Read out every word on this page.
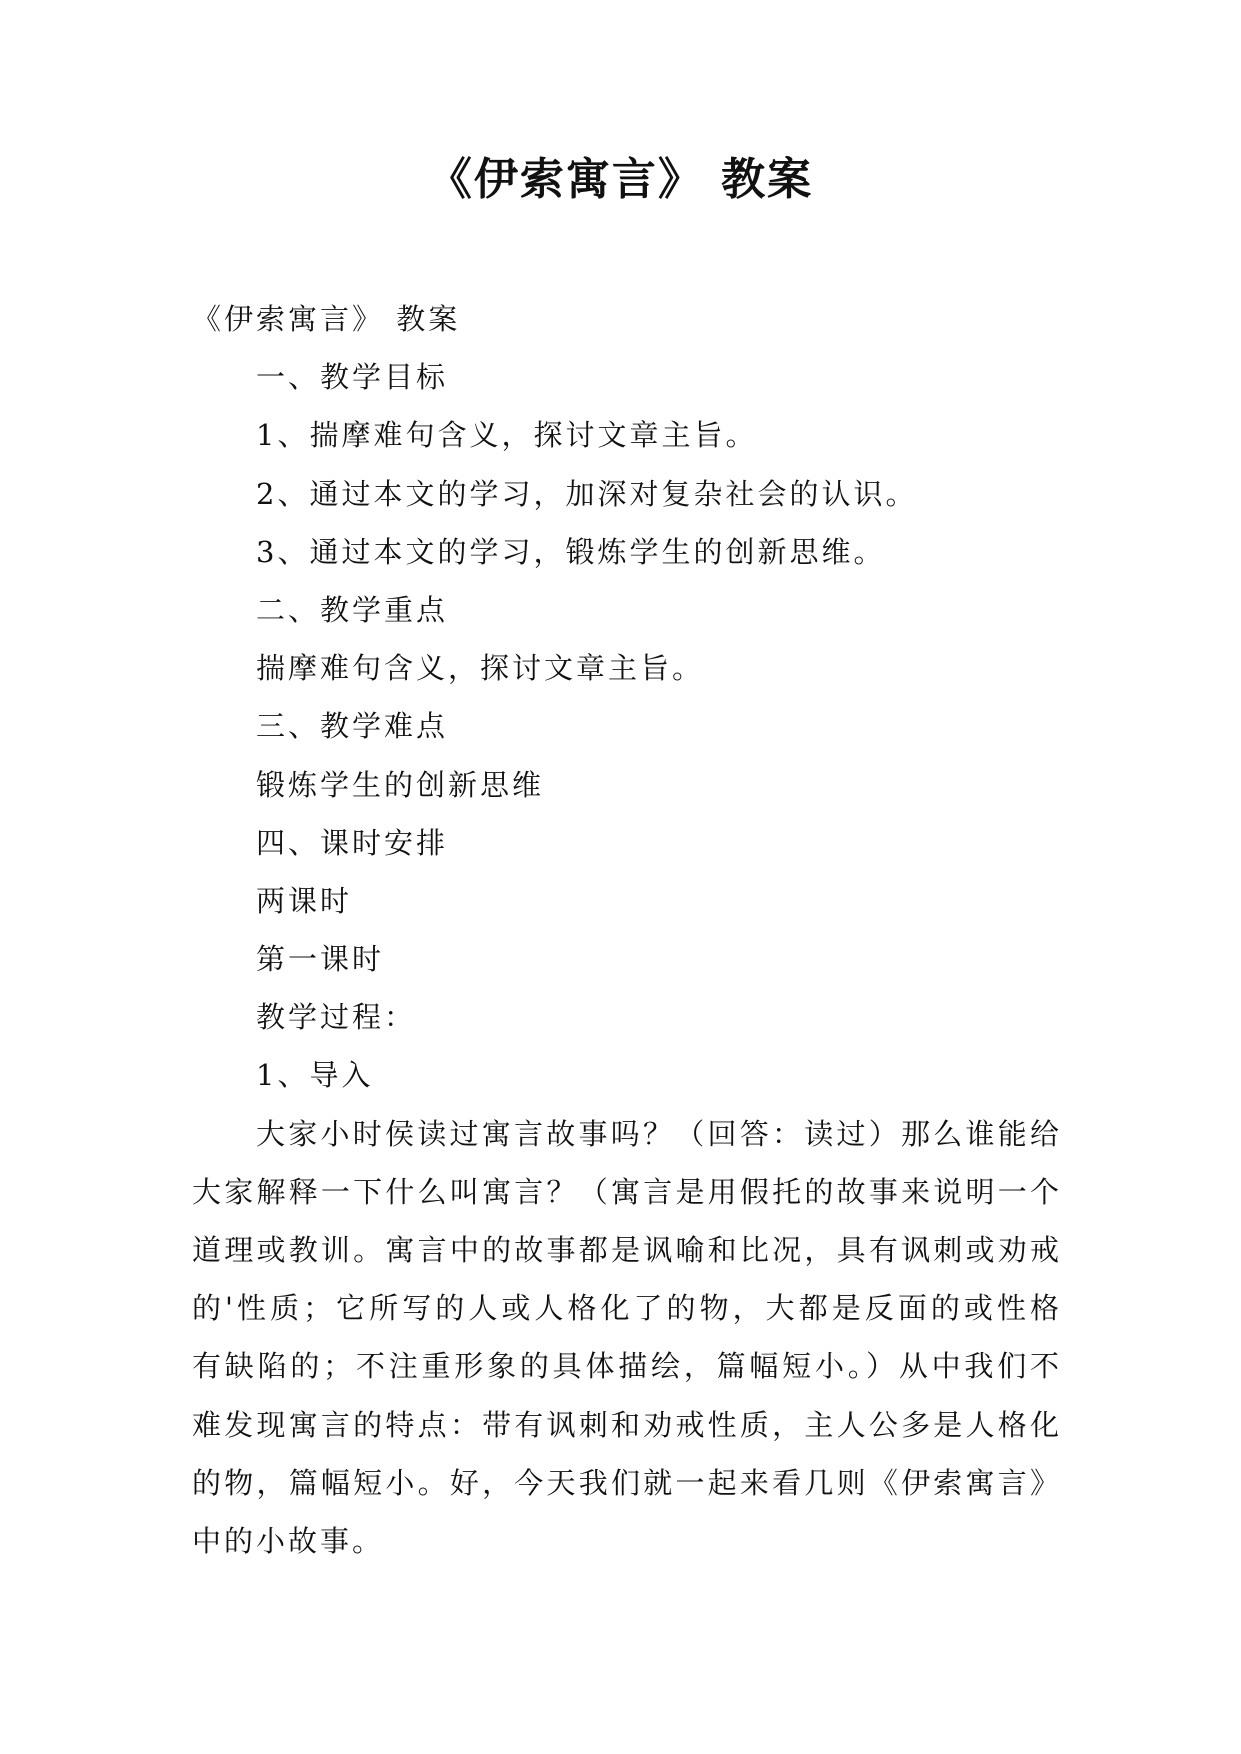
《伊索寓言》 教案
《伊索寓言》 教案
一、教学目标
1、揣摩难句含义，探讨文章主旨。
2、通过本文的学习，加深对复杂社会的认识。
3、通过本文的学习，锻炼学生的创新思维。
二、教学重点
揣摩难句含义，探讨文章主旨。
三、教学难点
锻炼学生的创新思维
四、课时安排
两课时
第一课时
教学过程：
1、导入

大家小时侯读过寓言故事吗？（回答：读过）那么谁能给大家解释一下什么叫寓言？（寓言是用假托的故事来说明一个道理或教训。寓言中的故事都是讽喻和比况，具有讽刺或劝戒的'性质；它所写的人或人格化了的物，大都是反面的或性格有缺陷的；不注重形象的具体描绘，篇幅短小。）从中我们不难发现寓言的特点：带有讽刺和劝戒性质，主人公多是人格化的物，篇幅短小。好，今天我们就一起来看几则《伊索寓言》中的小故事。
